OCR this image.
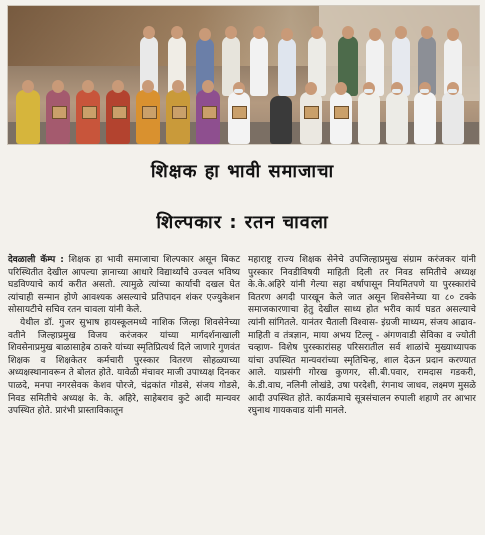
शिक्षक हा भावी समाजाचा
शिल्पकार : रतन चावला

देवळाली कॅम्प : शिक्षक हा भावी समाजाचा शिल्पकार असून बिकट परिस्थितीत देखील आपल्या ज्ञानाच्या आधारे विद्यार्थ्यांचे उज्वल भविष्य घडविण्याचे कार्य करीत असतो. त्यामुळे त्यांच्या कार्याची दखल घेत त्यांचाही सन्मान होणे आवश्यक असल्याचे प्रतिपादन शंकर एज्युकेशन सोसायटीचे सचिव रतन चावला यांनी केले.

येथील डॉ. गुजर सुभाष हायस्कूलमध्ये नाशिक जिल्हा शिवसेनेच्या वतीने जिल्हाप्रमुख विजय करंजकर यांच्या मार्गदर्शनाखाली शिवसेनाप्रमुख बाळासाहेब ठाकरे यांच्या स्मृतिप्रित्यर्थ दिले जाणारे गुणवंत शिक्षक व शिक्षकेतर कर्मचारी पुरस्कार वितरण सोहळ्याच्या अध्यक्षस्थानावरून ते बोलत होते. यावेळी मंचावर माजी उपाध्यक्ष दिनकर पाळदे, मनपा नगरसेवक केशव पोरजे, चंद्रकांत गोडसे, संजय गोडसे, निवड समितीचे अध्यक्ष के. के. अहिरे, साहेबराव कुटे आदी मान्यवर उपस्थित होते. प्रारंभी प्रास्ताविकातून

महाराष्ट्र राज्य शिक्षक सेनेचे उपजिल्हाप्रमुख संग्राम करंजकर यांनी पुरस्कार निवडीविषयी माहिती दिली तर निवड समितीचे अध्यक्ष के.के.अहिरे यांनी गेल्या सहा वर्षापासून नियमितपणे या पुरस्कारांचे वितरण अगदी पारखून केले जात असून शिवसेनेच्या या ८० टक्के समाजकारणाचा हेतु देखील साध्य होत भरीव कार्य घडत असल्याचे त्यांनी सांगितले. यानंतर चैताली विश्वास- इंग्रजी माध्यम, संजय आढाव-माहिती व तंत्रज्ञान, माया अभय टिल्लू - अंगणवाडी सेविका व ज्योती चव्हाण- विशेष पुरस्कारांसह परिसरातील सर्व शाळांचे मुख्याध्यापक यांचा उपस्थित मान्यवरांच्या स्मृतिचिन्ह, शाल देऊन प्रदान करण्यात आले. याप्रसंगी गोरख कुणगर, सी.बी.पवार, रामदास गडकरी, के.डी.वाघ, नलिनी लोखंडे, उषा परदेशी, रंगनाथ जाधव, लक्ष्मण मुसळे आदी उपस्थित होते. कार्यक्रमाचे सूत्रसंचालन रुपाली शहाणे तर आभार रघुनाथ गायकवाड यांनी मानले.
